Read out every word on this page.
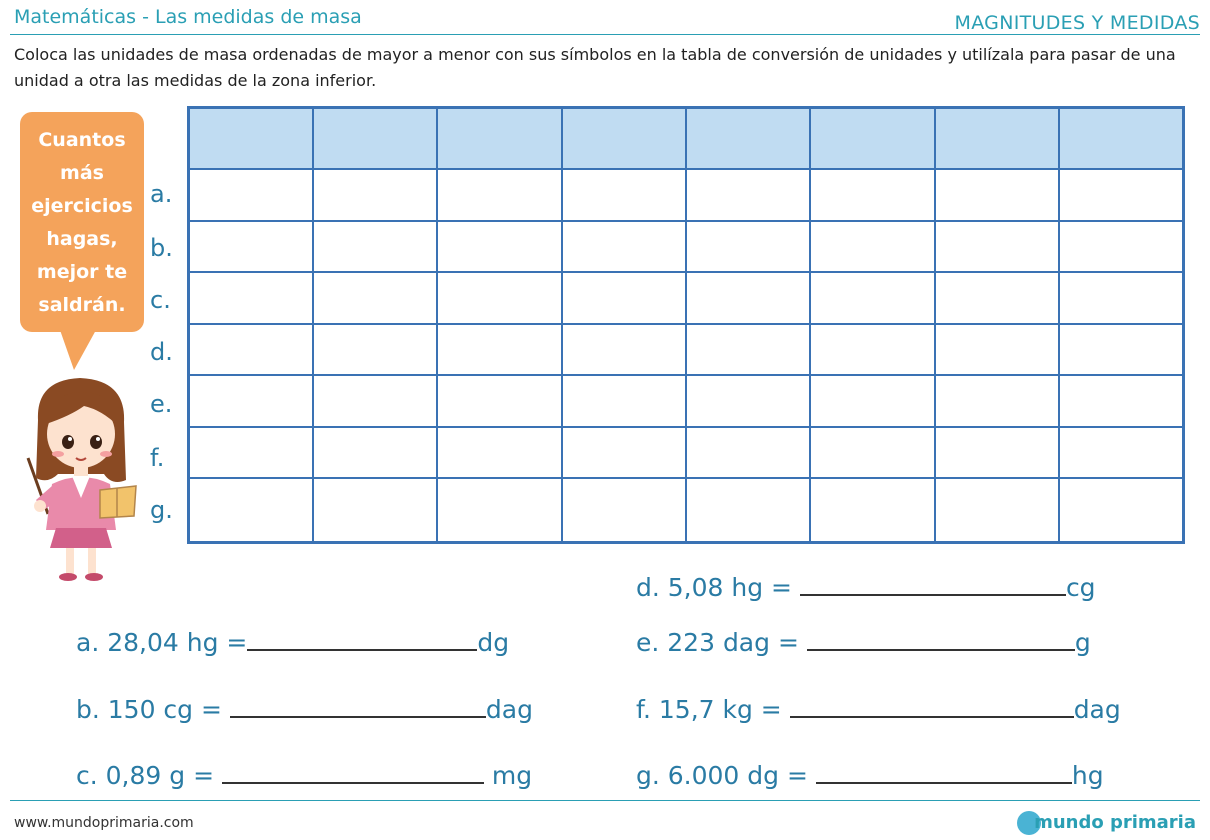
Matemáticas - Las medidas de masa	MAGNITUDES Y MEDIDAS
Coloca las unidades de masa ordenadas de mayor a menor con sus símbolos en la tabla de conversión de unidades y utilízala para pasar de una unidad a otra las medidas de la zona inferior.
Cuantos
más
ejercicios
hagas,
mejor te
saldrán.
a.
b.
c.
d.
e.
f.
g.

d. 5,08 hg =	cg
a. 28,04 hg =	dg	e. 223 dag =	g
b. 150 cg =	dag	f. 15,7 kg =	dag
c. 0,89 g =	mg	g. 6.000 dg =	hg
www.mundoprimaria.com	mundo primaria
